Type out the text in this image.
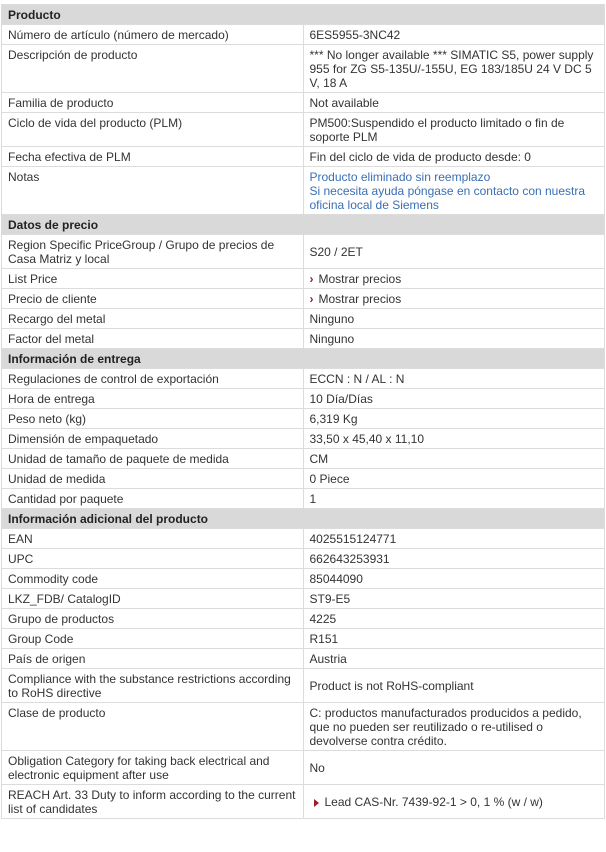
Producto	
Número de artículo (número de mercado)	6ES5955-3NC42
Descripción de producto	*** No longer available *** SIMATIC S5, power supply 955 for ZG S5-135U/-155U, EG 183/185U 24 V DC 5 V, 18 A
Familia de producto	Not available
Ciclo de vida del producto (PLM)	PM500:Suspendido el producto limitado o fin de soporte PLM
Fecha efectiva de PLM	Fin del ciclo de vida de producto desde: 0
Notas	Producto eliminado sin reemplazo
Si necesita ayuda póngase en contacto con nuestra oficina local de Siemens

Datos de precio	
Region Specific PriceGroup / Grupo de precios de Casa Matriz y local	S20 / 2ET
List Price	› Mostrar precios
Precio de cliente	› Mostrar precios
Recargo del metal	Ninguno
Factor del metal	Ninguno
Información de entrega	
Regulaciones de control de exportación	ECCN : N / AL : N
Hora de entrega	10 Día/Días
Peso neto (kg)	6,319 Kg
Dimensión de empaquetado	33,50 x 45,40 x 11,10
Unidad de tamaño de paquete de medida	CM
Unidad de medida	0 Piece
Cantidad por paquete	1
Información adicional del producto	
EAN	4025515124771
UPC	662643253931
Commodity code	85044090
LKZ_FDB/ CatalogID	ST9-E5
Grupo de productos	4225
Group Code	R151
País de origen	Austria
Compliance with the substance restrictions according to RoHS directive	Product is not RoHS-compliant
Clase de producto	C: productos manufacturados producidos a pedido, que no pueden ser reutilizado o re-utilised o devolverse contra crédito.
Obligation Category for taking back electrical and electronic equipment after use	No
REACH Art. 33 Duty to inform according to the current list of candidates	Lead CAS-Nr. 7439-92-1 > 0, 1 % (w / w)
